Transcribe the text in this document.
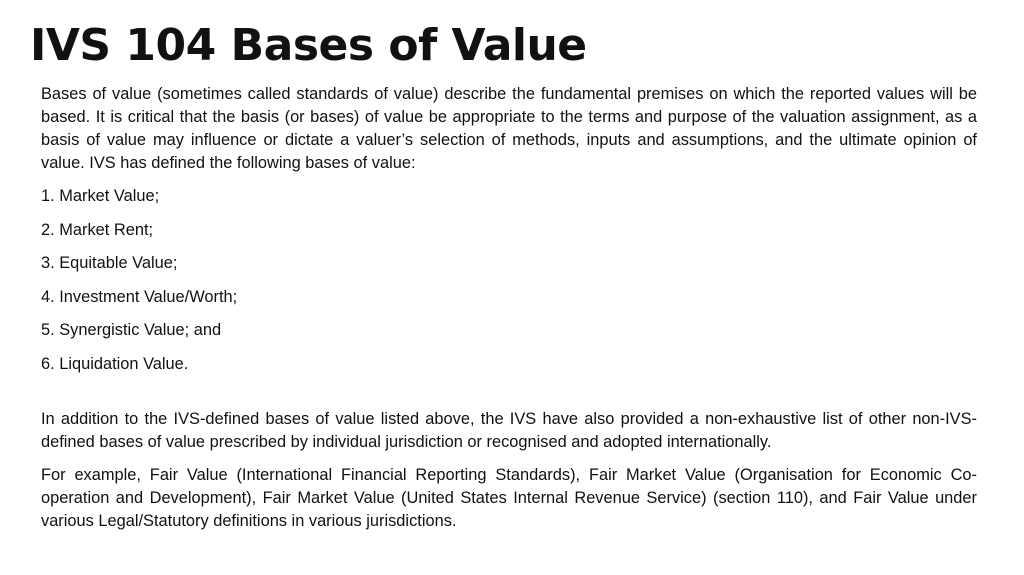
IVS 104 Bases of Value

Bases of value (sometimes called standards of value) describe the fundamental premises on which the reported values will be based. It is critical that the basis (or bases) of value be appropriate to the terms and purpose of the valuation assignment, as a basis of value may influence or dictate a valuer’s selection of methods, inputs and assumptions, and the ultimate opinion of value. IVS has defined the following bases of value:

1. Market Value;
2. Market Rent;
3. Equitable Value;
4. Investment Value/Worth;
5. Synergistic Value; and
6. Liquidation Value.

In addition to the IVS-defined bases of value listed above, the IVS have also provided a non-exhaustive list of other non-IVS-defined bases of value prescribed by individual jurisdiction or recognised and adopted internationally.

For example, Fair Value (International Financial Reporting Standards), Fair Market Value (Organisation for Economic Co-operation and Development), Fair Market Value (United States Internal Revenue Service) (section 110), and Fair Value under various Legal/Statutory definitions in various jurisdictions.
